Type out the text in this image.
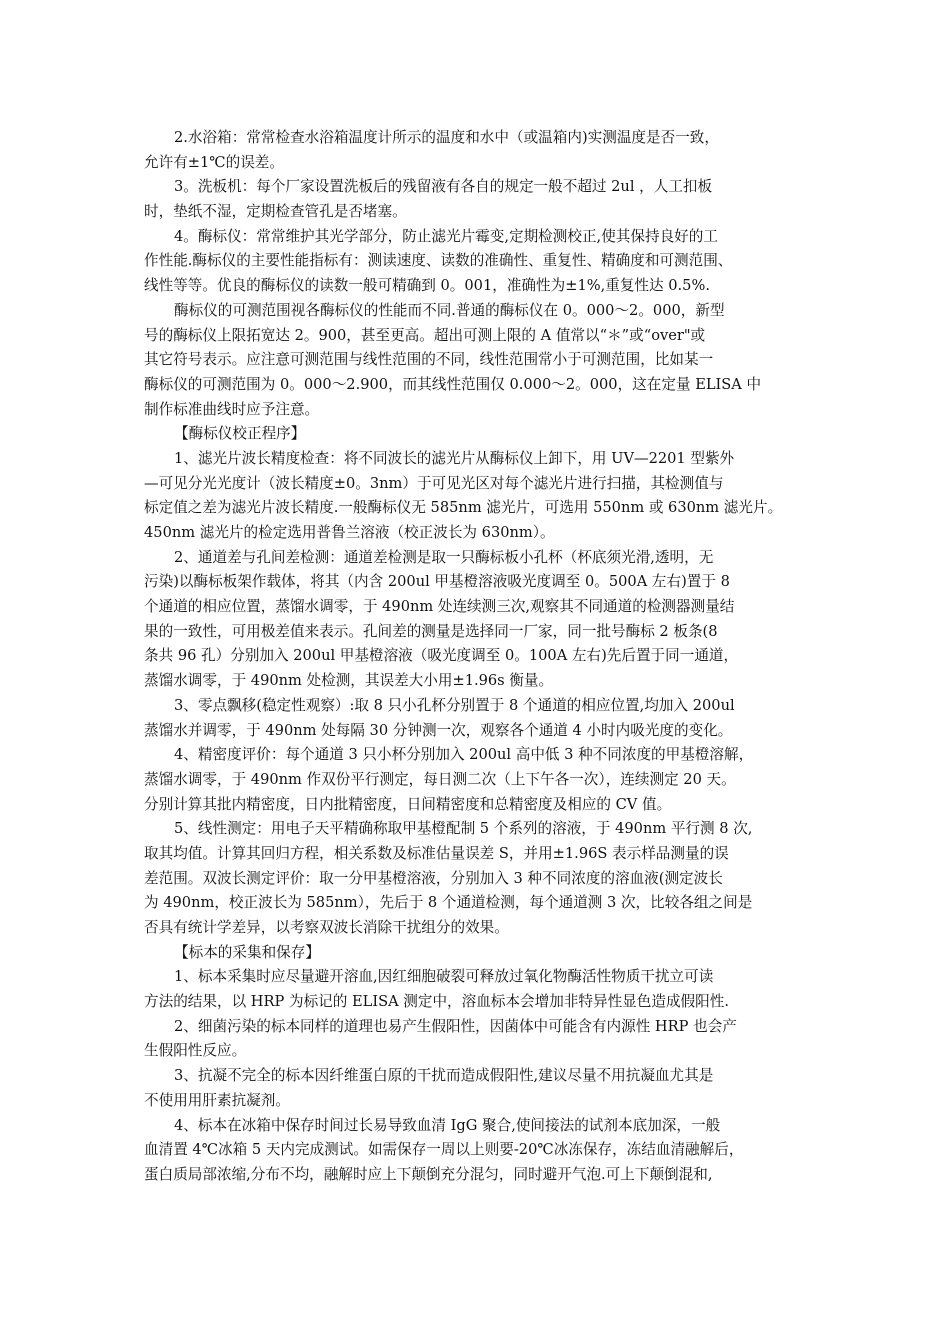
2.水浴箱：常常检查水浴箱温度计所示的温度和水中（或温箱内)实测温度是否一致，
允许有±1℃的误差。
3。洗板机：每个厂家设置洗板后的残留液有各自的规定一般不超过 2ul ，人工扣板
时，垫纸不湿，定期检查管孔是否堵塞。
4。酶标仪：常常维护其光学部分，防止滤光片霉变,定期检测校正,使其保持良好的工
作性能.酶标仪的主要性能指标有：测读速度、读数的准确性、重复性、精确度和可测范围、
线性等等。优良的酶标仪的读数一般可精确到 0。001，准确性为±1%,重复性达 0.5%.
酶标仪的可测范围视各酶标仪的性能而不同.普通的酶标仪在 0。000～2。000，新型
号的酶标仪上限拓宽达 2。900，甚至更高。超出可测上限的 A 值常以“＊”或“over"或
其它符号表示。应注意可测范围与线性范围的不同，线性范围常小于可测范围，比如某一
酶标仪的可测范围为 0。000～2.900，而其线性范围仅 0.000～2。000，这在定量 ELISA 中
制作标准曲线时应予注意。
【酶标仪校正程序】
1、滤光片波长精度检查：将不同波长的滤光片从酶标仪上卸下，用 UV—2201 型紫外
—可见分光光度计（波长精度±0。3nm）于可见光区对每个滤光片进行扫描，其检测值与
标定值之差为滤光片波长精度.一般酶标仪无 585nm 滤光片，可选用 550nm 或 630nm 滤光片。
450nm 滤光片的检定选用普鲁兰溶液（校正波长为 630nm）。
2、通道差与孔间差检测：通道差检测是取一只酶标板小孔杯（杯底须光滑,透明，无
污染)以酶标板架作载体，将其（内含 200ul 甲基橙溶液吸光度调至 0。500A 左右)置于 8
个通道的相应位置，蒸馏水调零，于 490nm 处连续测三次,观察其不同通道的检测器测量结
果的一致性，可用极差值来表示。孔间差的测量是选择同一厂家，同一批号酶标 2 板条(8
条共 96 孔）分别加入 200ul 甲基橙溶液（吸光度调至 0。100A 左右)先后置于同一通道，
蒸馏水调零，于 490nm 处检测，其误差大小用±1.96s 衡量。
3、零点飘移(稳定性观察）:取 8 只小孔杯分别置于 8 个通道的相应位置,均加入 200ul
蒸馏水并调零，于 490nm 处每隔 30 分钟测一次，观察各个通道 4 小时内吸光度的变化。
4、精密度评价：每个通道 3 只小杯分别加入 200ul 高中低 3 种不同浓度的甲基橙溶解，
蒸馏水调零，于 490nm 作双份平行测定，每日测二次（上下午各一次），连续测定 20 天。
分别计算其批内精密度，日内批精密度，日间精密度和总精密度及相应的 CV 值。
5、线性测定：用电子天平精确称取甲基橙配制 5 个系列的溶液，于 490nm 平行测 8 次,
取其均值。计算其回归方程，相关系数及标准估量误差 S，并用±1.96S 表示样品测量的误
差范围。双波长测定评价：取一分甲基橙溶液，分别加入 3 种不同浓度的溶血液(测定波长
为 490nm，校正波长为 585nm），先后于 8 个通道检测，每个通道测 3 次，比较各组之间是
否具有统计学差异，以考察双波长消除干扰组分的效果。
【标本的采集和保存】
1、标本采集时应尽量避开溶血,因红细胞破裂可释放过氧化物酶活性物质干扰立可读
方法的结果，以 HRP 为标记的 ELISA 测定中，溶血标本会增加非特异性显色造成假阳性.
2、细菌污染的标本同样的道理也易产生假阳性，因菌体中可能含有内源性 HRP 也会产
生假阳性反应。
3、抗凝不完全的标本因纤维蛋白原的干扰而造成假阳性,建议尽量不用抗凝血尤其是
不使用用肝素抗凝剂。
4、标本在冰箱中保存时间过长易导致血清 IgG 聚合,使间接法的试剂本底加深，一般
血清置 4℃冰箱 5 天内完成测试。如需保存一周以上则要-20℃冰冻保存，冻结血清融解后，
蛋白质局部浓缩,分布不均，融解时应上下颠倒充分混匀，同时避开气泡.可上下颠倒混和,
